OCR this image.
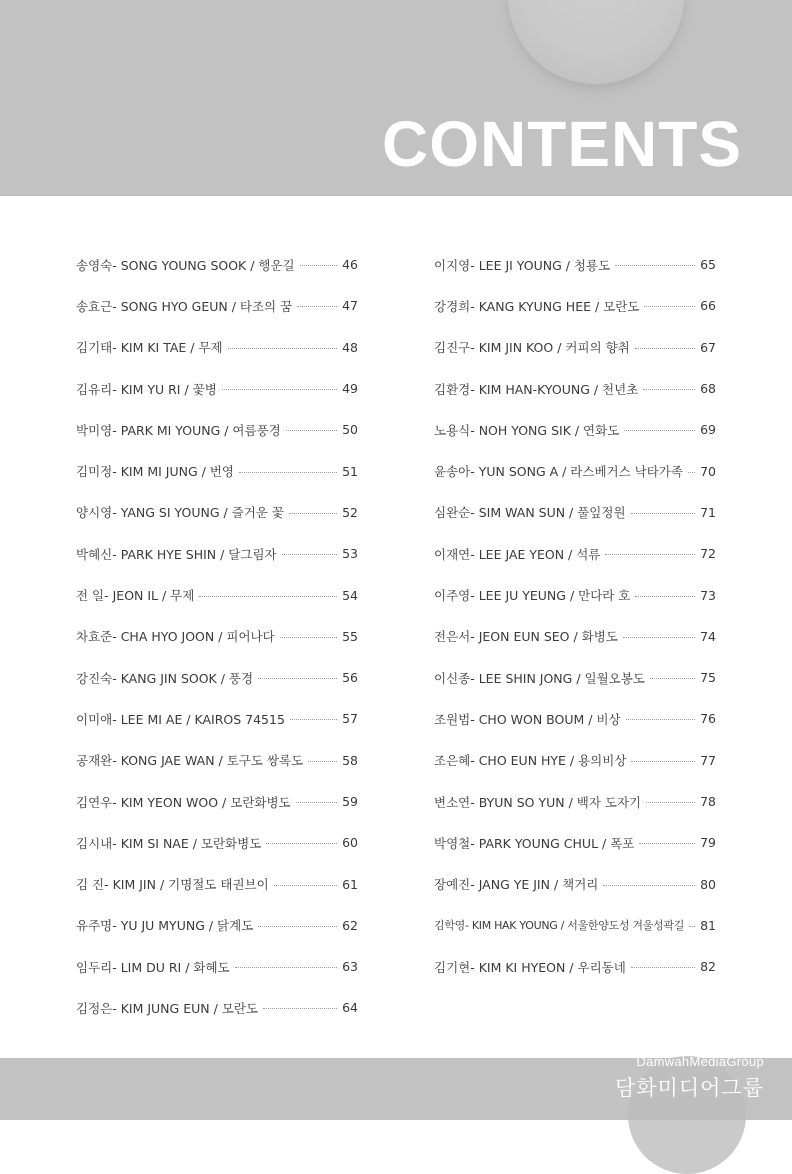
CONTENTS
송영숙- SONG YOUNG SOOK / 행운길	46
송효근- SONG HYO GEUN / 타조의 꿈	47
김기태- KIM KI TAE / 무제	48
김유리- KIM YU RI / 꽃병	49
박미영- PARK MI YOUNG / 여름풍경	50
김미정- KIM MI JUNG / 번영	51
양시영- YANG SI YOUNG / 즐거운 꽃	52
박혜신- PARK HYE SHIN / 달그림자	53
전 일- JEON IL / 무제	54
차효준- CHA HYO JOON / 피어나다	55
강진숙- KANG JIN SOOK / 풍경	56
이미애- LEE MI AE / KAIROS 74515	57
공재완- KONG JAE WAN / 토구도 쌍록도	58
김연우- KIM YEON WOO / 모란화병도	59
김시내- KIM SI NAE / 모란화병도	60
김 진- KIM JIN / 기명절도 태권브이	61
유주명- YU JU MYUNG / 닭계도	62
임두리- LIM DU RI / 화혜도	63
김정은- KIM JUNG EUN / 모란도	64
이지영- LEE JI YOUNG / 청룡도	65
강경희- KANG KYUNG HEE / 모란도	66
김진구- KIM JIN KOO / 커피의 향취	67
김환경- KIM HAN-KYOUNG / 천년초	68
노용식- NOH YONG SIK / 연화도	69
윤송아- YUN SONG A / 라스베거스 낙타가족 70
심완순- SIM WAN SUN / 풀잎정원	71
이재연- LEE JAE YEON / 석류	72
이주영- LEE JU YEUNG / 만다라 호	73
전은서- JEON EUN SEO / 화병도	74
이신종- LEE SHIN JONG / 일월오봉도	75
조원범- CHO WON BOUM / 비상	76
조은혜- CHO EUN HYE / 용의비상	77
변소연- BYUN SO YUN / 백자 도자기	78
박영철- PARK YOUNG CHUL / 폭포	79
장예진- JANG YE JIN / 책거리	80
김학영- KIM HAK YOUNG / 서울한양도성 겨울성곽길 81
김기현- KIM KI HYEON / 우리동네	82
DamwahMediaGroup
담화미디어그룹
